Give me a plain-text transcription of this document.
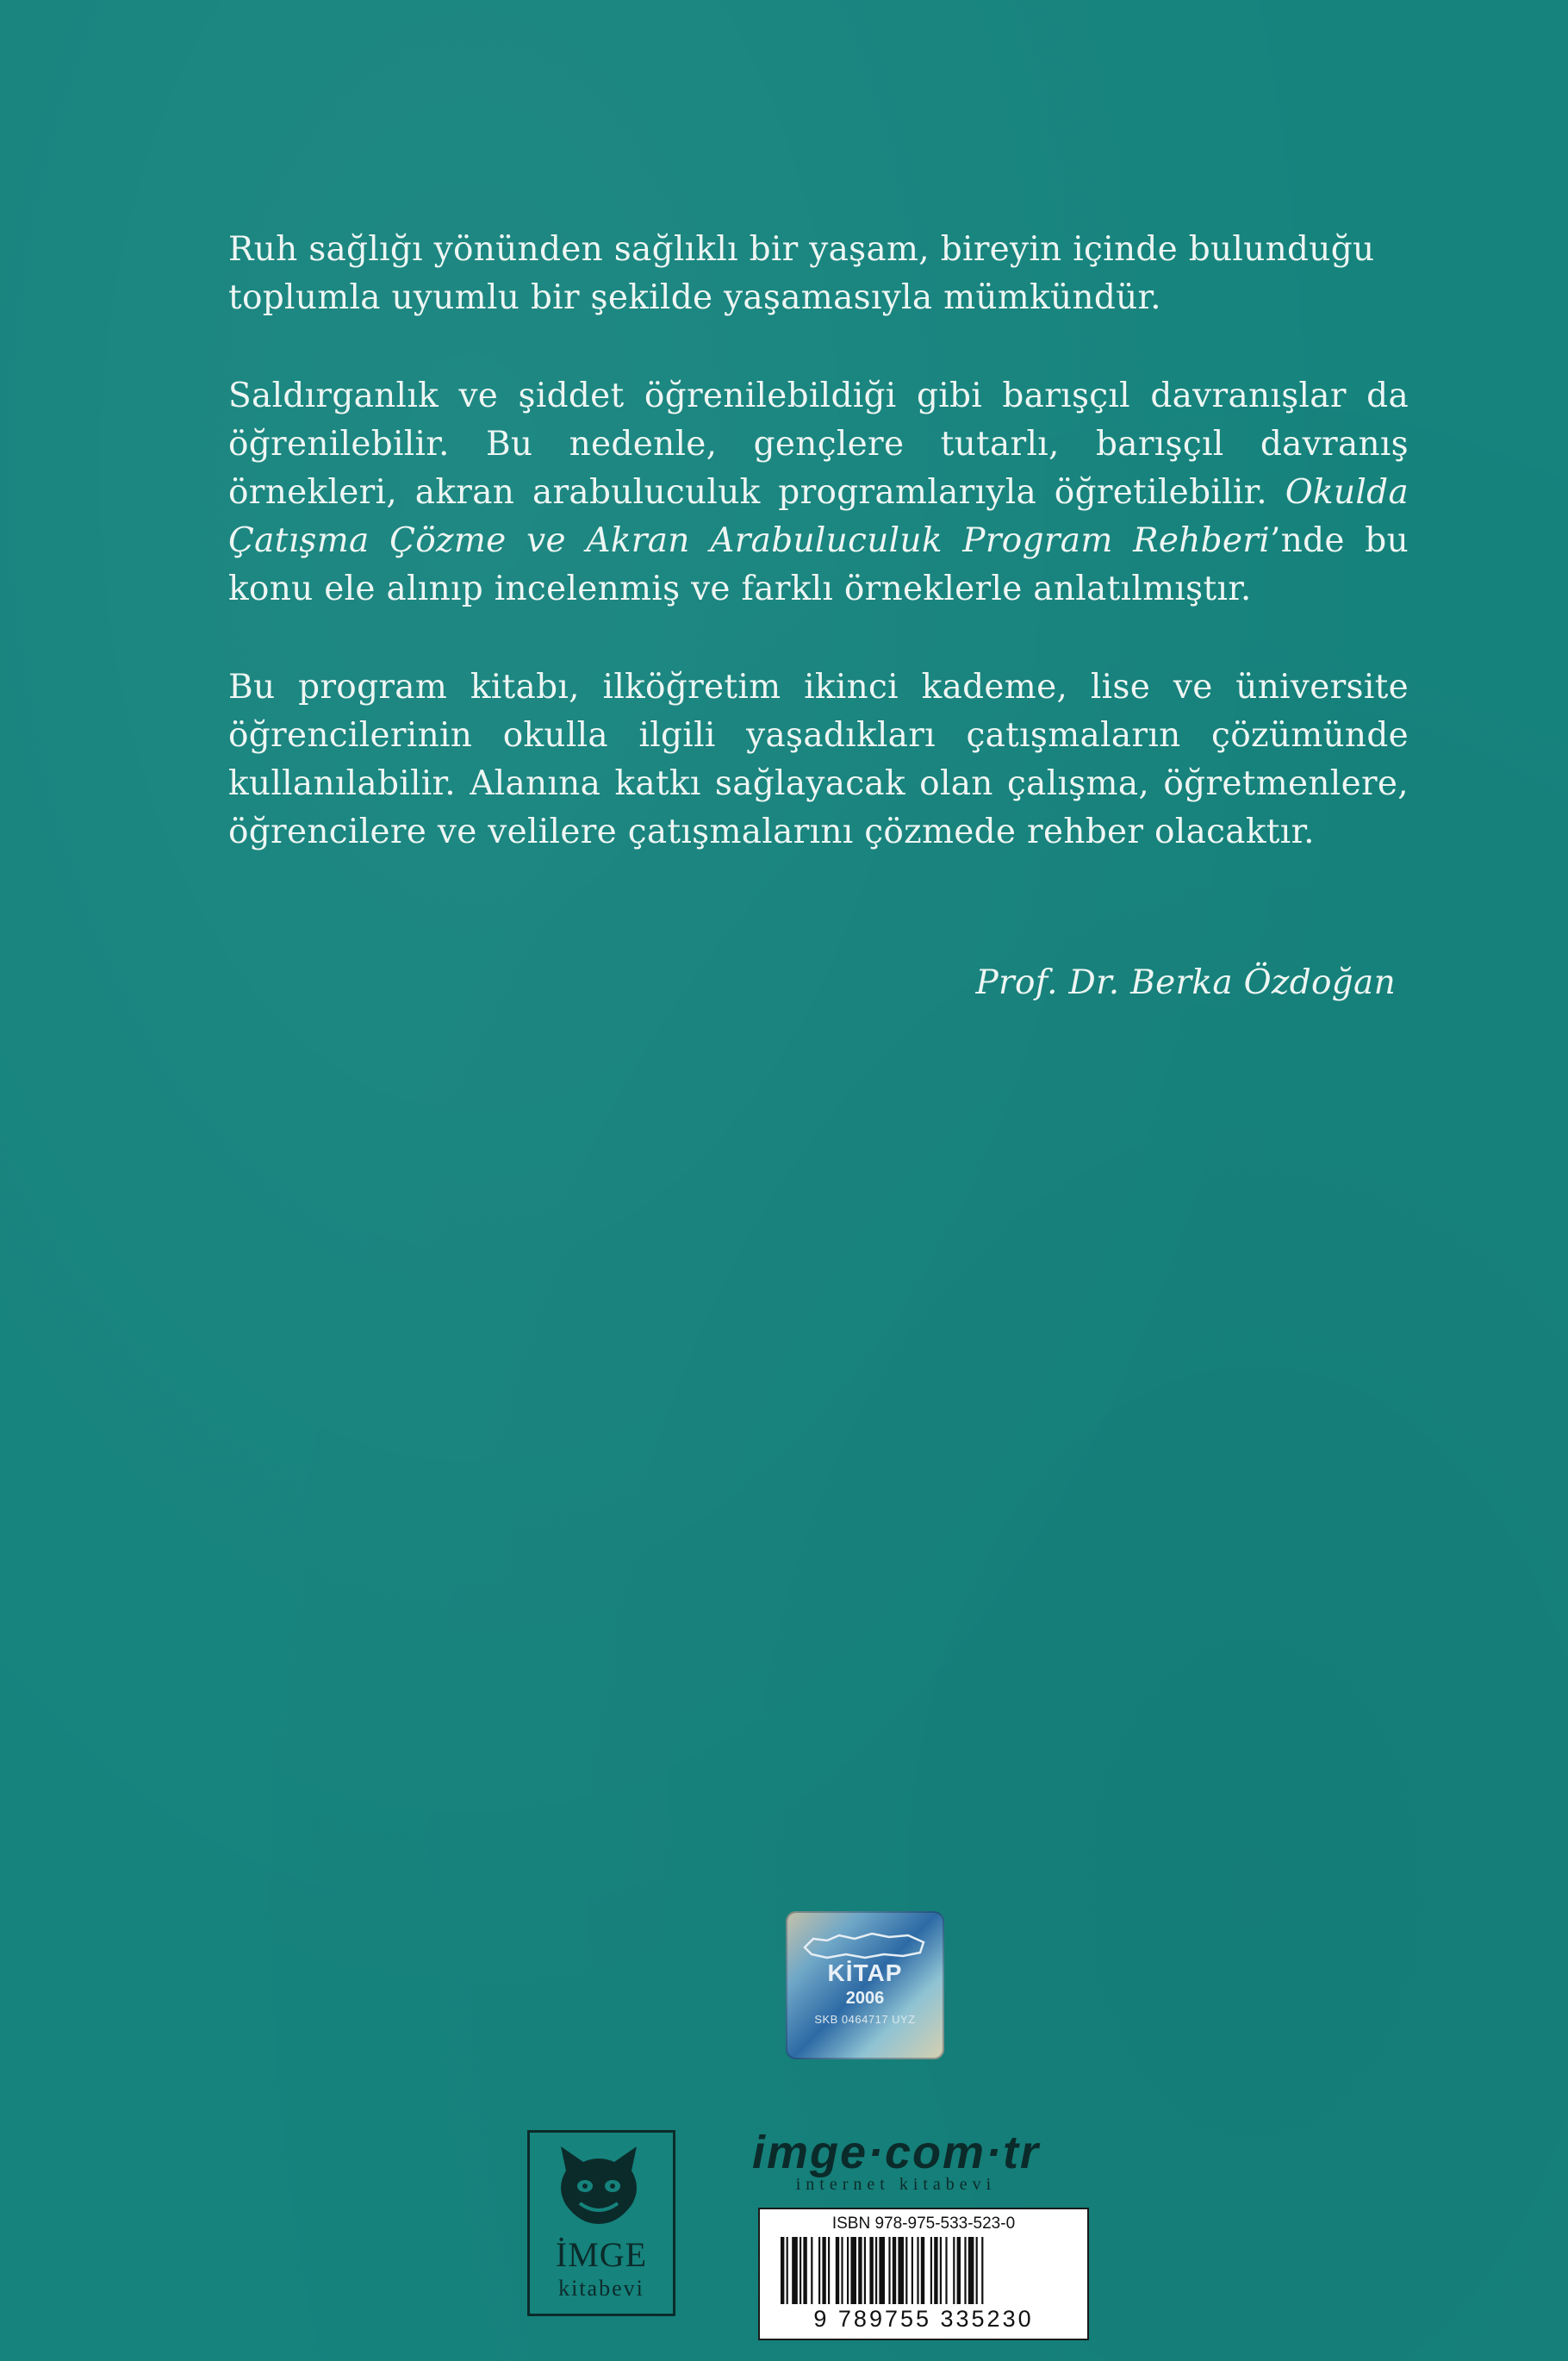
Ruh sağlığı yönünden sağlıklı bir yaşam, bireyin içinde bulunduğu toplumla uyumlu bir şekilde yaşamasıyla mümkündür.

Saldırganlık ve şiddet öğrenilebildiği gibi barışçıl davranışlar da öğrenilebilir. Bu nedenle, gençlere tutarlı, barışçıl davranış örnekleri, akran arabuluculuk programlarıyla öğretilebilir. Okulda Çatışma Çözme ve Akran Arabuluculuk Program Rehberi’nde bu konu ele alınıp incelenmiş ve farklı örneklerle anlatılmıştır.

Bu program kitabı, ilköğretim ikinci kademe, lise ve üniversite öğrencilerinin okulla ilgili yaşadıkları çatışmaların çözümünde kullanılabilir. Alanına katkı sağlayacak olan çalışma, öğretmenlere, öğrencilere ve velilere çatışmalarını çözmede rehber olacaktır.

Prof. Dr. Berka Özdoğan
KİTAP
2006
SKB 0464717 UYZ
İMGE
kitabevi
imge·com·tr
internet kitabevi
ISBN 978-975-533-523-0
9 789755 335230
